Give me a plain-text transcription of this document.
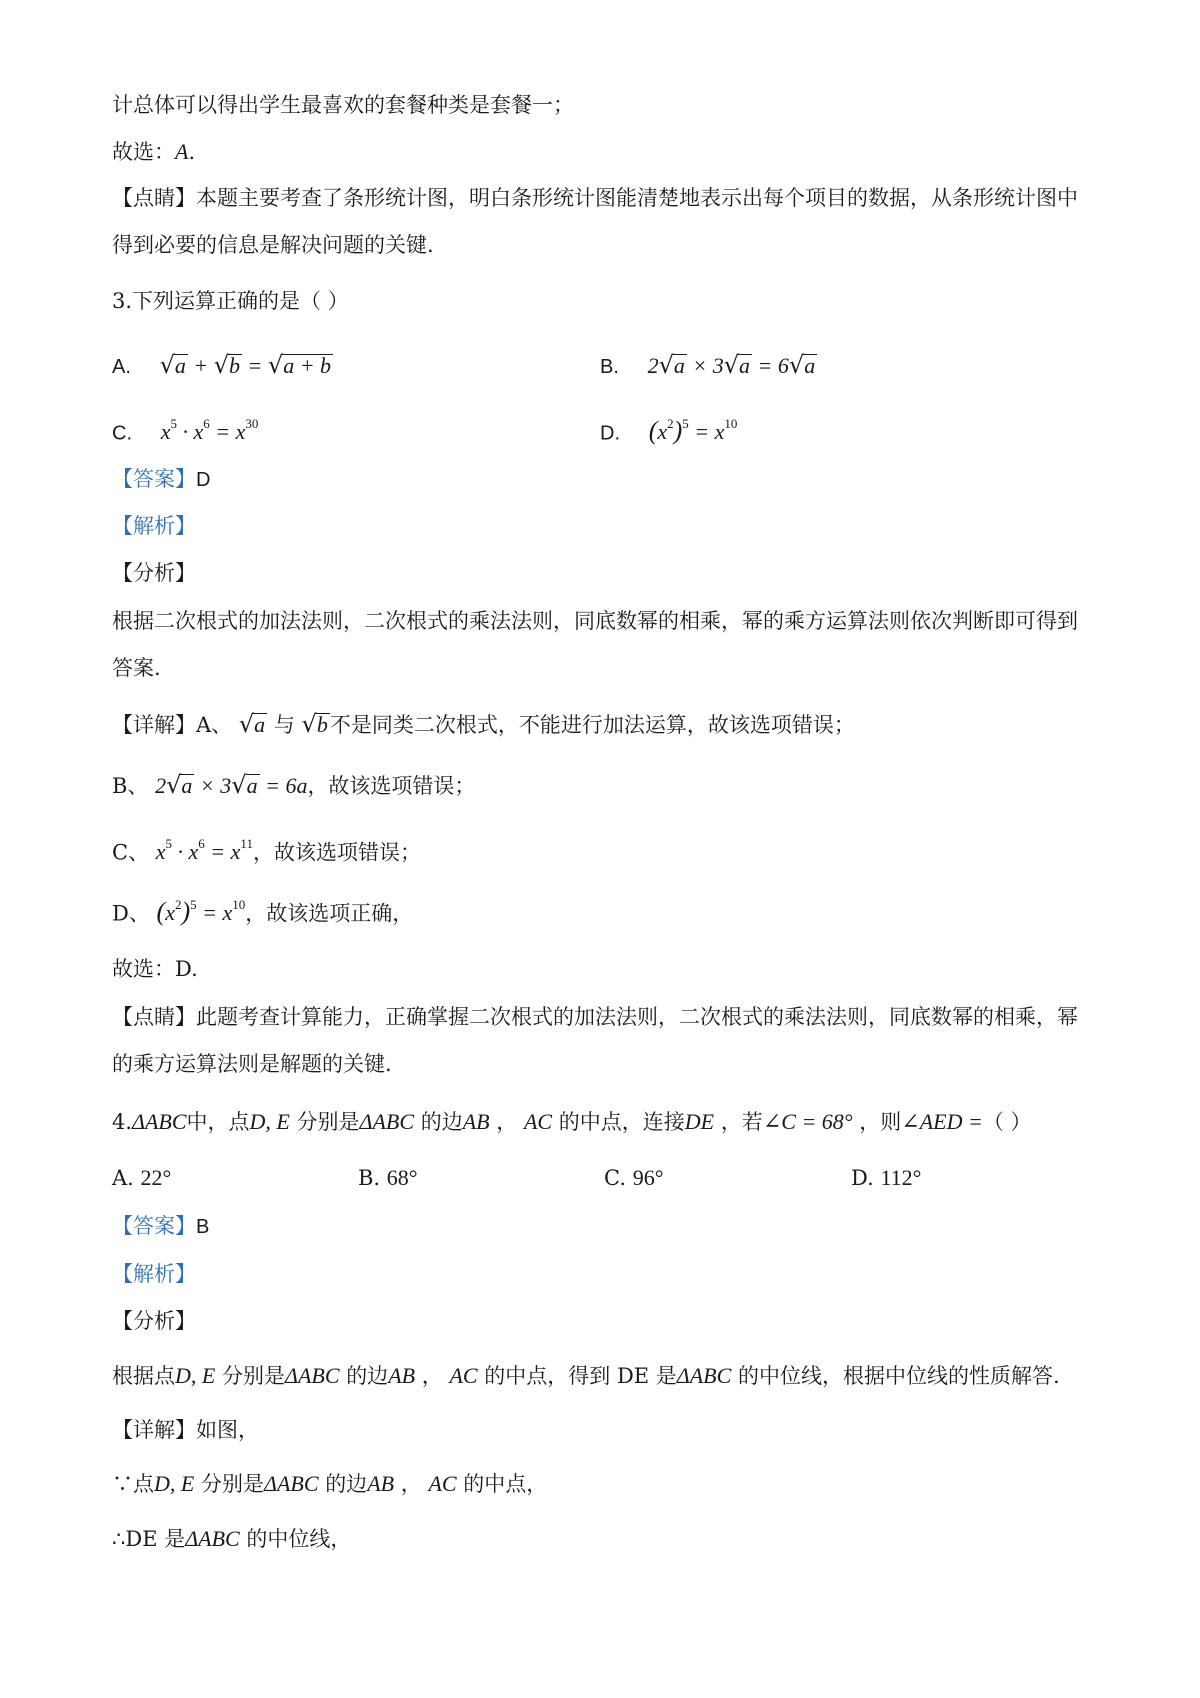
计总体可以得出学生最喜欢的套餐种类是套餐一；
故选：A.
【点睛】本题主要考查了条形统计图，明白条形统计图能清楚地表示出每个项目的数据，从条形统计图中
得到必要的信息是解决问题的关键.
3.下列运算正确的是（ ）
A. √a + √b = √a + b	B. 2√a × 3√a = 6√a
C. $x^5 \cdot x^6 = x^{30}$	D. $(x^2)^5 = x^{10}$
【答案】D
【解析】
【分析】
根据二次根式的加法法则，二次根式的乘法法则，同底数幂的相乘，幂的乘方运算法则依次判断即可得到
答案.
【详解】A、 √a 与 √b不是同类二次根式，不能进行加法运算，故该选项错误；
B、 2√a × 3√a = 6a，故该选项错误；
C、 $x^5 \cdot x^6 = x^{11}$，故该选项错误；
D、 $(x^2)^5 = x^{10}$，故该选项正确，
故选：D.
【点睛】此题考查计算能力，正确掌握二次根式的加法法则，二次根式的乘法法则，同底数幂的相乘，幂
的乘方运算法则是解题的关键.
4.ΔABC中，点D, E 分别是ΔABC 的边AB ， AC 的中点，连接DE ，若∠C = 68° ，则∠AED =（ ）
A. 22°	B. 68°	C. 96°	D. 112°
【答案】B
【解析】
【分析】
根据点D, E 分别是ΔABC 的边AB ， AC 的中点，得到 DE 是ΔABC 的中位线，根据中位线的性质解答.
【详解】如图，
∵点D, E 分别是ΔABC 的边AB ， AC 的中点，
∴DE 是ΔABC 的中位线，
